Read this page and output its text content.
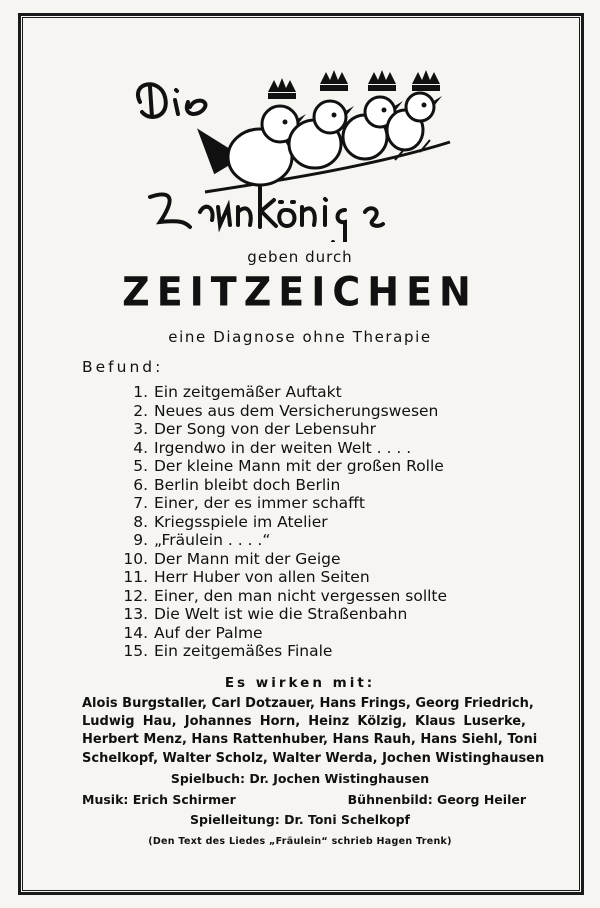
geben durch
ZEITZEICHEN
eine Diagnose ohne Therapie
Befund:
1. Ein zeitgemäßer Auftakt
2. Neues aus dem Versicherungswesen
3. Der Song von der Lebensuhr
4. Irgendwo in der weiten Welt . . . .
5. Der kleine Mann mit der großen Rolle
6. Berlin bleibt doch Berlin
7. Einer, der es immer schafft
8. Kriegsspiele im Atelier
9. „Fräulein . . . .“
10. Der Mann mit der Geige
11. Herr Huber von allen Seiten
12. Einer, den man nicht vergessen sollte
13. Die Welt ist wie die Straßenbahn
14. Auf der Palme
15. Ein zeitgemäßes Finale
Es wirken mit:
Alois Burgstaller, Carl Dotzauer, Hans Frings, Georg Friedrich,
Ludwig Hau, Johannes Horn, Heinz Kölzig, Klaus Luserke,
Herbert Menz, Hans Rattenhuber, Hans Rauh, Hans Siehl, Toni
Schelkopf, Walter Scholz, Walter Werda, Jochen Wistinghausen
Spielbuch: Dr. Jochen Wistinghausen
Musik: Erich Schirmer	Bühnenbild: Georg Heiler
Spielleitung: Dr. Toni Schelkopf
(Den Text des Liedes „Fräulein“ schrieb Hagen Trenk)
